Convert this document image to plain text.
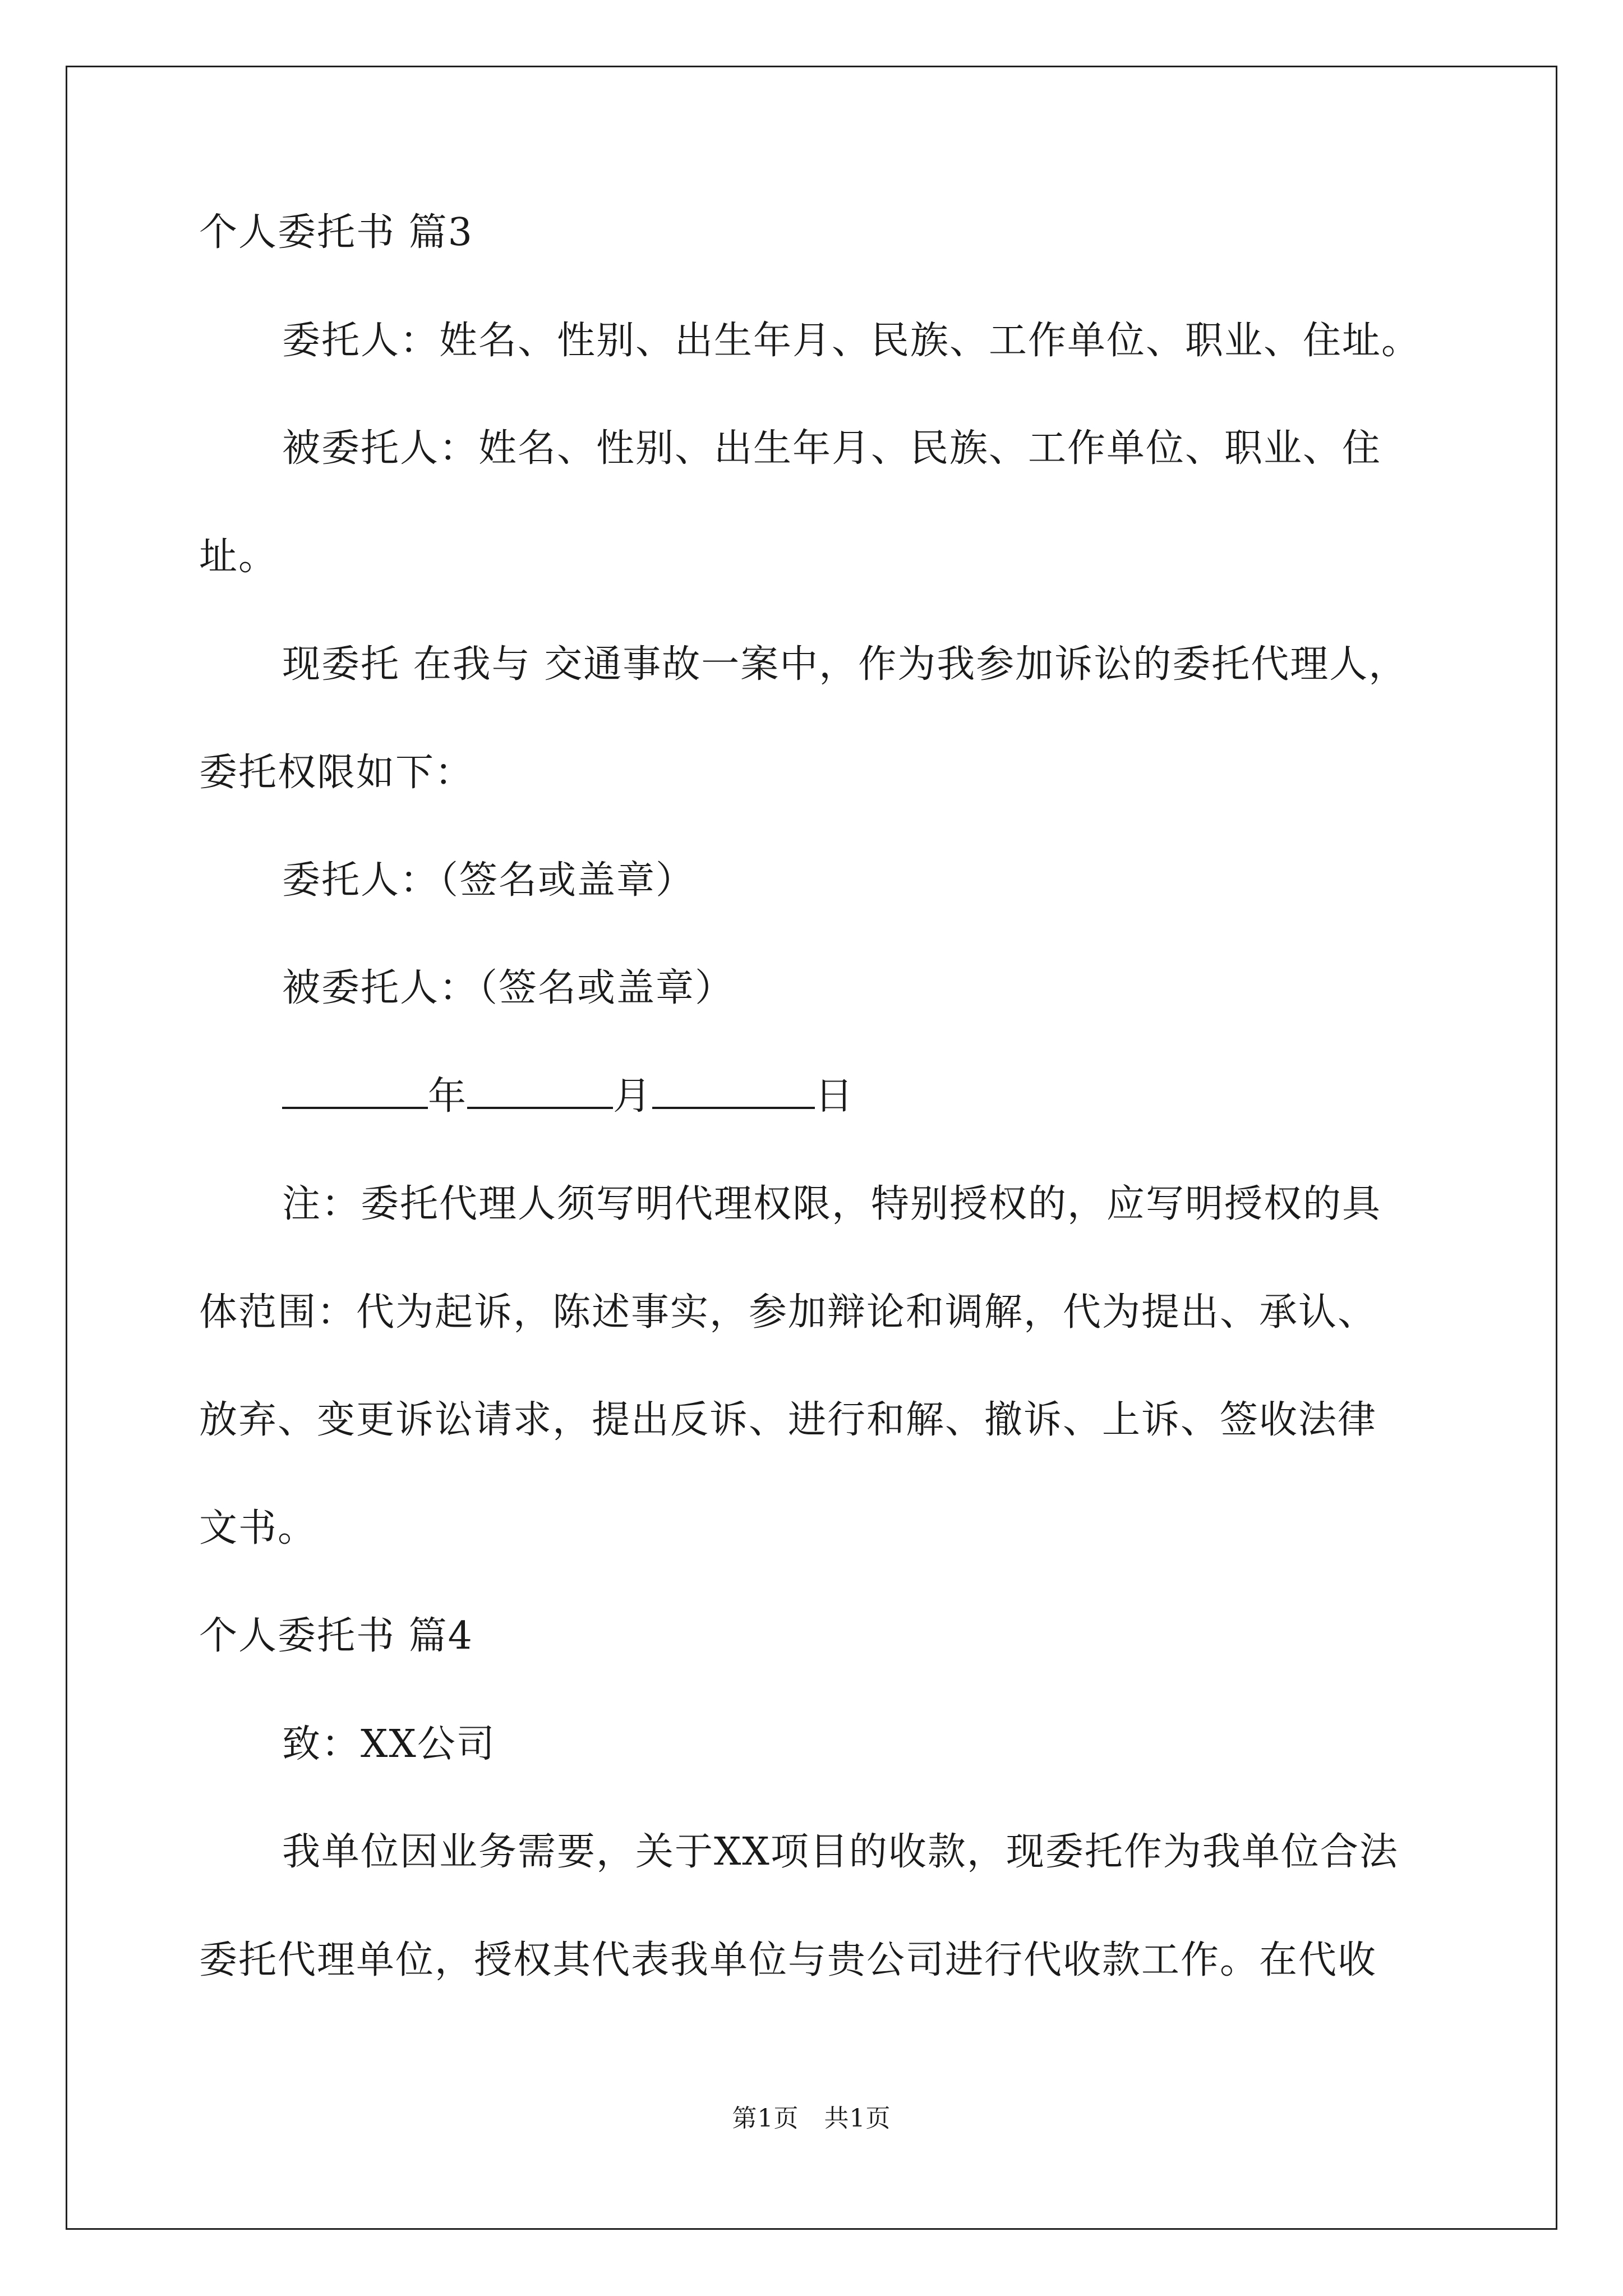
个人委托书 篇3
委托人：姓名、性别、出生年月、民族、工作单位、职业、住址。
被委托人：姓名、性别、出生年月、民族、工作单位、职业、住
址。
现委托 在我与 交通事故一案中，作为我参加诉讼的委托代理人，
委托权限如下：
委托人：（签名或盖章）
被委托人：（签名或盖章）
年	月	日
注：委托代理人须写明代理权限，特别授权的，应写明授权的具
体范围：代为起诉，陈述事实，参加辩论和调解，代为提出、承认、
放弃、变更诉讼请求，提出反诉、进行和解、撤诉、上诉、签收法律
文书。
个人委托书 篇4
致：XX公司
我单位因业务需要，关于XX项目的收款，现委托作为我单位合法
委托代理单位，授权其代表我单位与贵公司进行代收款工作。在代收
第1页　共1页
